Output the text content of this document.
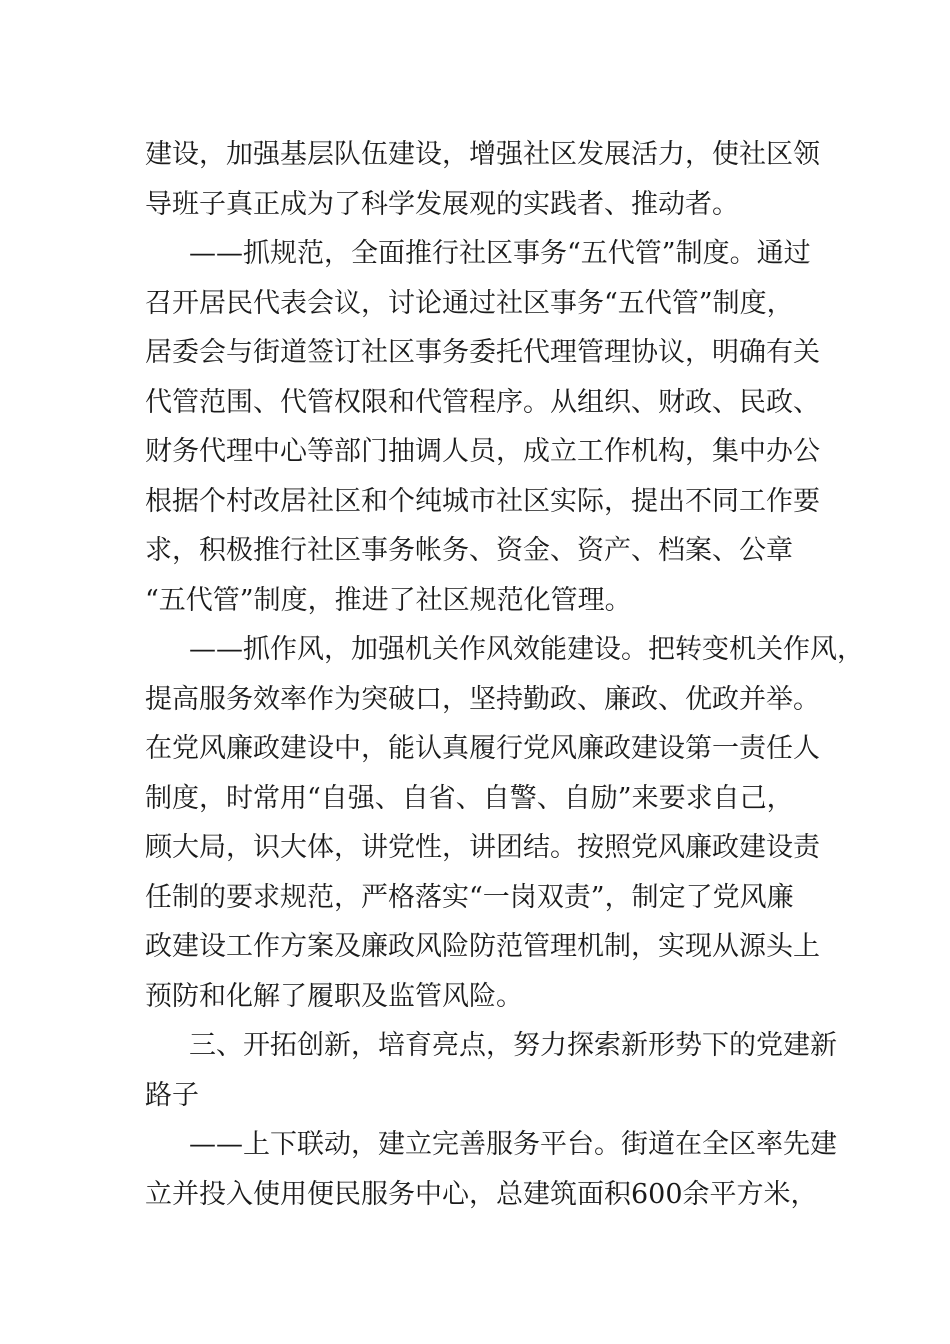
建设，加强基层队伍建设，增强社区发展活力，使社区领
导班子真正成为了科学发展观的实践者、推动者。
——抓规范，全面推行社区事务“五代管”制度。通过
召开居民代表会议，讨论通过社区事务“五代管”制度，
居委会与街道签订社区事务委托代理管理协议，明确有关
代管范围、代管权限和代管程序。从组织、财政、民政、
财务代理中心等部门抽调人员，成立工作机构，集中办公
根据个村改居社区和个纯城市社区实际，提出不同工作要
求，积极推行社区事务帐务、资金、资产、档案、公章
“五代管”制度，推进了社区规范化管理。
——抓作风，加强机关作风效能建设。把转变机关作风，
提高服务效率作为突破口，坚持勤政、廉政、优政并举。
在党风廉政建设中，能认真履行党风廉政建设第一责任人
制度，时常用“自强、自省、自警、自励”来要求自己，
顾大局，识大体，讲党性，讲团结。按照党风廉政建设责
任制的要求规范，严格落实“一岗双责”，制定了党风廉
政建设工作方案及廉政风险防范管理机制，实现从源头上
预防和化解了履职及监管风险。
三、开拓创新，培育亮点，努力探索新形势下的党建新
路子
——上下联动，建立完善服务平台。街道在全区率先建
立并投入使用便民服务中心，总建筑面积600余平方米，
